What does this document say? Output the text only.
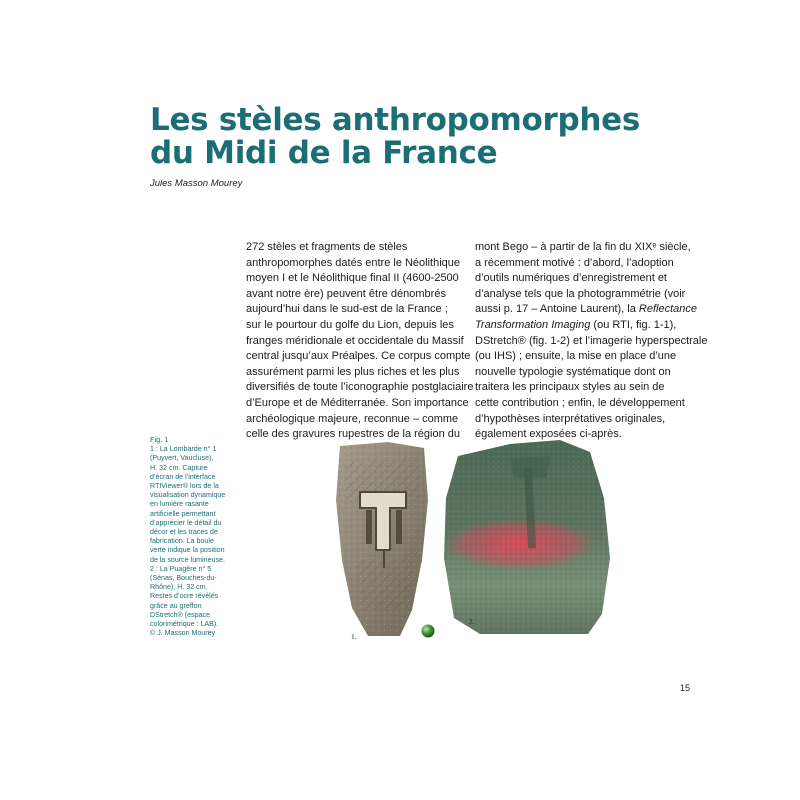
Les stèles anthropomorphes
du Midi de la France
Jules Masson Mourey
272 stèles et fragments de stèles
anthropomorphes datés entre le Néolithique
moyen I et le Néolithique final II (4600-2500
avant notre ère) peuvent être dénombrés
aujourd’hui dans le sud-est de la France ;
sur le pourtour du golfe du Lion, depuis les
franges méridionale et occidentale du Massif
central jusqu’aux Préalpes. Ce corpus compte
assurément parmi les plus riches et les plus
diversifiés de toute l’iconographie postglaciaire
d’Europe et de Méditerranée. Son importance
archéologique majeure, reconnue – comme
celle des gravures rupestres de la région du
mont Bego – à partir de la fin du XIXᵉ siècle,
a récemment motivé : d’abord, l’adoption
d’outils numériques d’enregistrement et
d’analyse tels que la photogrammétrie (voir
aussi p. 17 – Antoine Laurent), la Reflectance
Transformation Imaging (ou RTI, fig. 1-1),
DStretch® (fig. 1-2) et l’imagerie hyperspectrale
(ou IHS) ; ensuite, la mise en place d’une
nouvelle typologie systématique dont on
traitera les principaux styles au sein de
cette contribution ; enfin, le développement
d’hypothèses interprétatives originales,
également exposées ci-après.
Fig. 1
1 : La Lombarde n° 1
(Puyvert, Vaucluse),
H. 32 cm. Capture
d’écran de l’interface
RTIViewer® lors de la
visualisation dynamique
en lumière rasante
artificielle permettant
d’apprécier le détail du
décor et les traces de
fabrication. La boule
verte indique la position
de la source lumineuse.
2 : La Puagère n° 5
(Sénas, Bouches-du-
Rhône), H. 32 cm.
Restes d’ocre révélés
grâce au greffon
DStretch® (espace
colorimétrique : LAB).
© J. Masson Mourey	1.
2.
15
